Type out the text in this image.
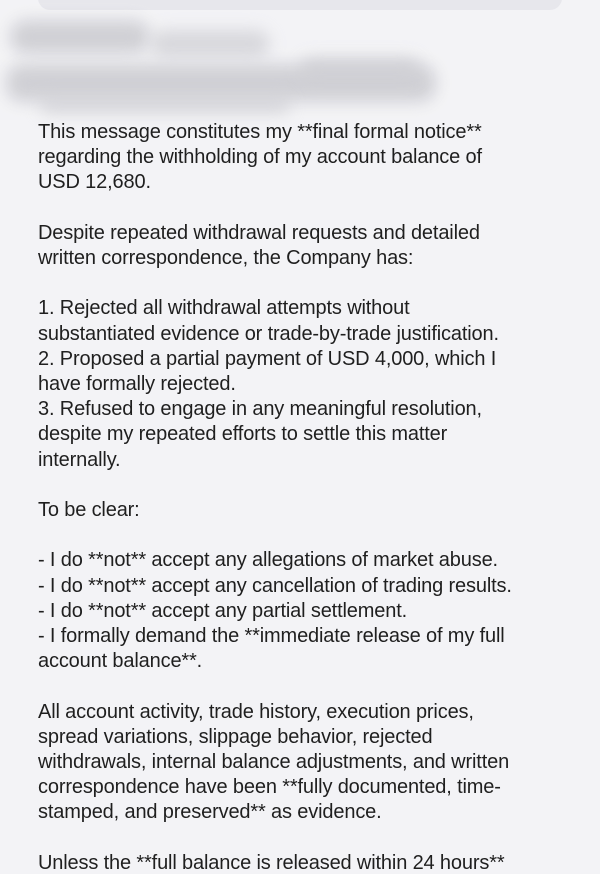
This message constitutes my **final formal notice**

regarding the withholding of my account balance of

USD 12,680.

Despite repeated withdrawal requests and detailed

written correspondence, the Company has:

1. Rejected all withdrawal attempts without

substantiated evidence or trade-by-trade justification.

2. Proposed a partial payment of USD 4,000, which I

have formally rejected.

3. Refused to engage in any meaningful resolution,

despite my repeated efforts to settle this matter

internally.

To be clear:

- I do **not** accept any allegations of market abuse.

- I do **not** accept any cancellation of trading results.

- I do **not** accept any partial settlement.

- I formally demand the **immediate release of my full

account balance**.

All account activity, trade history, execution prices,

spread variations, slippage behavior, rejected

withdrawals, internal balance adjustments, and written

correspondence have been **fully documented, time-

stamped, and preserved** as evidence.

Unless the **full balance is released within 24 hours**
